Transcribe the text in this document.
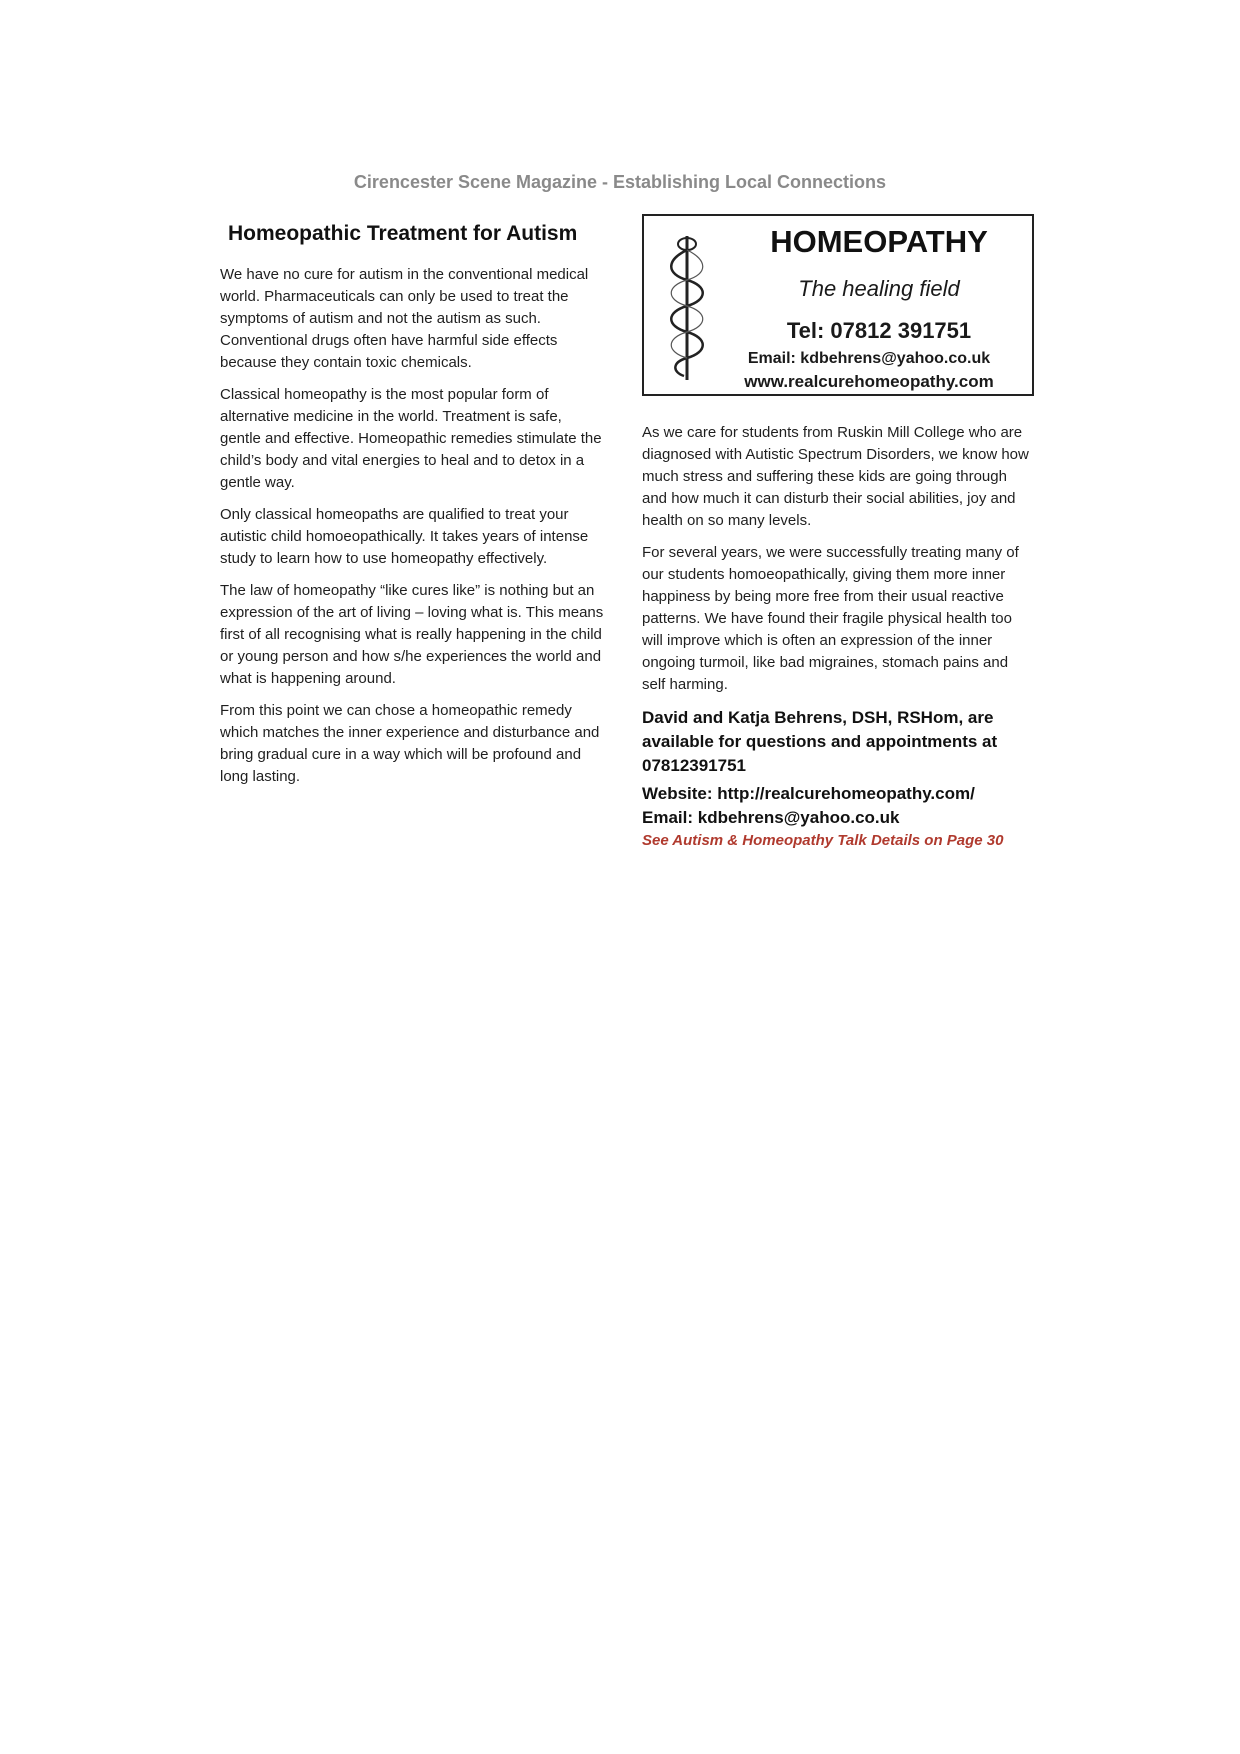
Cirencester Scene Magazine - Establishing Local Connections
Homeopathic Treatment for Autism

We have no cure for autism in the conventional medical world. Pharmaceuticals can only be used to treat the symptoms of autism and not the autism as such. Conventional drugs often have harmful side effects because they contain toxic chemicals.

Classical homeopathy is the most popular form of alternative medicine in the world. Treatment is safe, gentle and effective. Homeopathic remedies stimulate the child’s body and vital energies to heal and to detox in a gentle way.

Only classical homeopaths are qualified to treat your autistic child homoeopathically. It takes years of intense study to learn how to use homeopathy effectively.

The law of homeopathy “like cures like” is nothing but an expression of the art of living – loving what is. This means first of all recognising what is really happening in the child or young person and how s/he experiences the world and what is happening around.

From this point we can chose a homeopathic remedy which matches the inner experience and disturbance and bring gradual cure in a way which will be profound and long lasting.

HOMEOPATHY
The healing field
Tel: 07812 391751
Email: kdbehrens@yahoo.co.uk
www.realcurehomeopathy.com

As we care for students from Ruskin Mill College who are diagnosed with Autistic Spectrum Disorders, we know how much stress and suffering these kids are going through and how much it can disturb their social abilities, joy and health on so many levels.

For several years, we were successfully treating many of our students homoeopathically, giving them more inner happiness by being more free from their usual reactive patterns. We have found their fragile physical health too will improve which is often an expression of the inner ongoing turmoil, like bad migraines, stomach pains and self harming.

David and Katja Behrens, DSH, RSHom, are available for questions and appointments at 07812391751

Website: http://realcurehomeopathy.com/

Email: kdbehrens@yahoo.co.uk

See Autism & Homeopathy Talk Details on Page 30
